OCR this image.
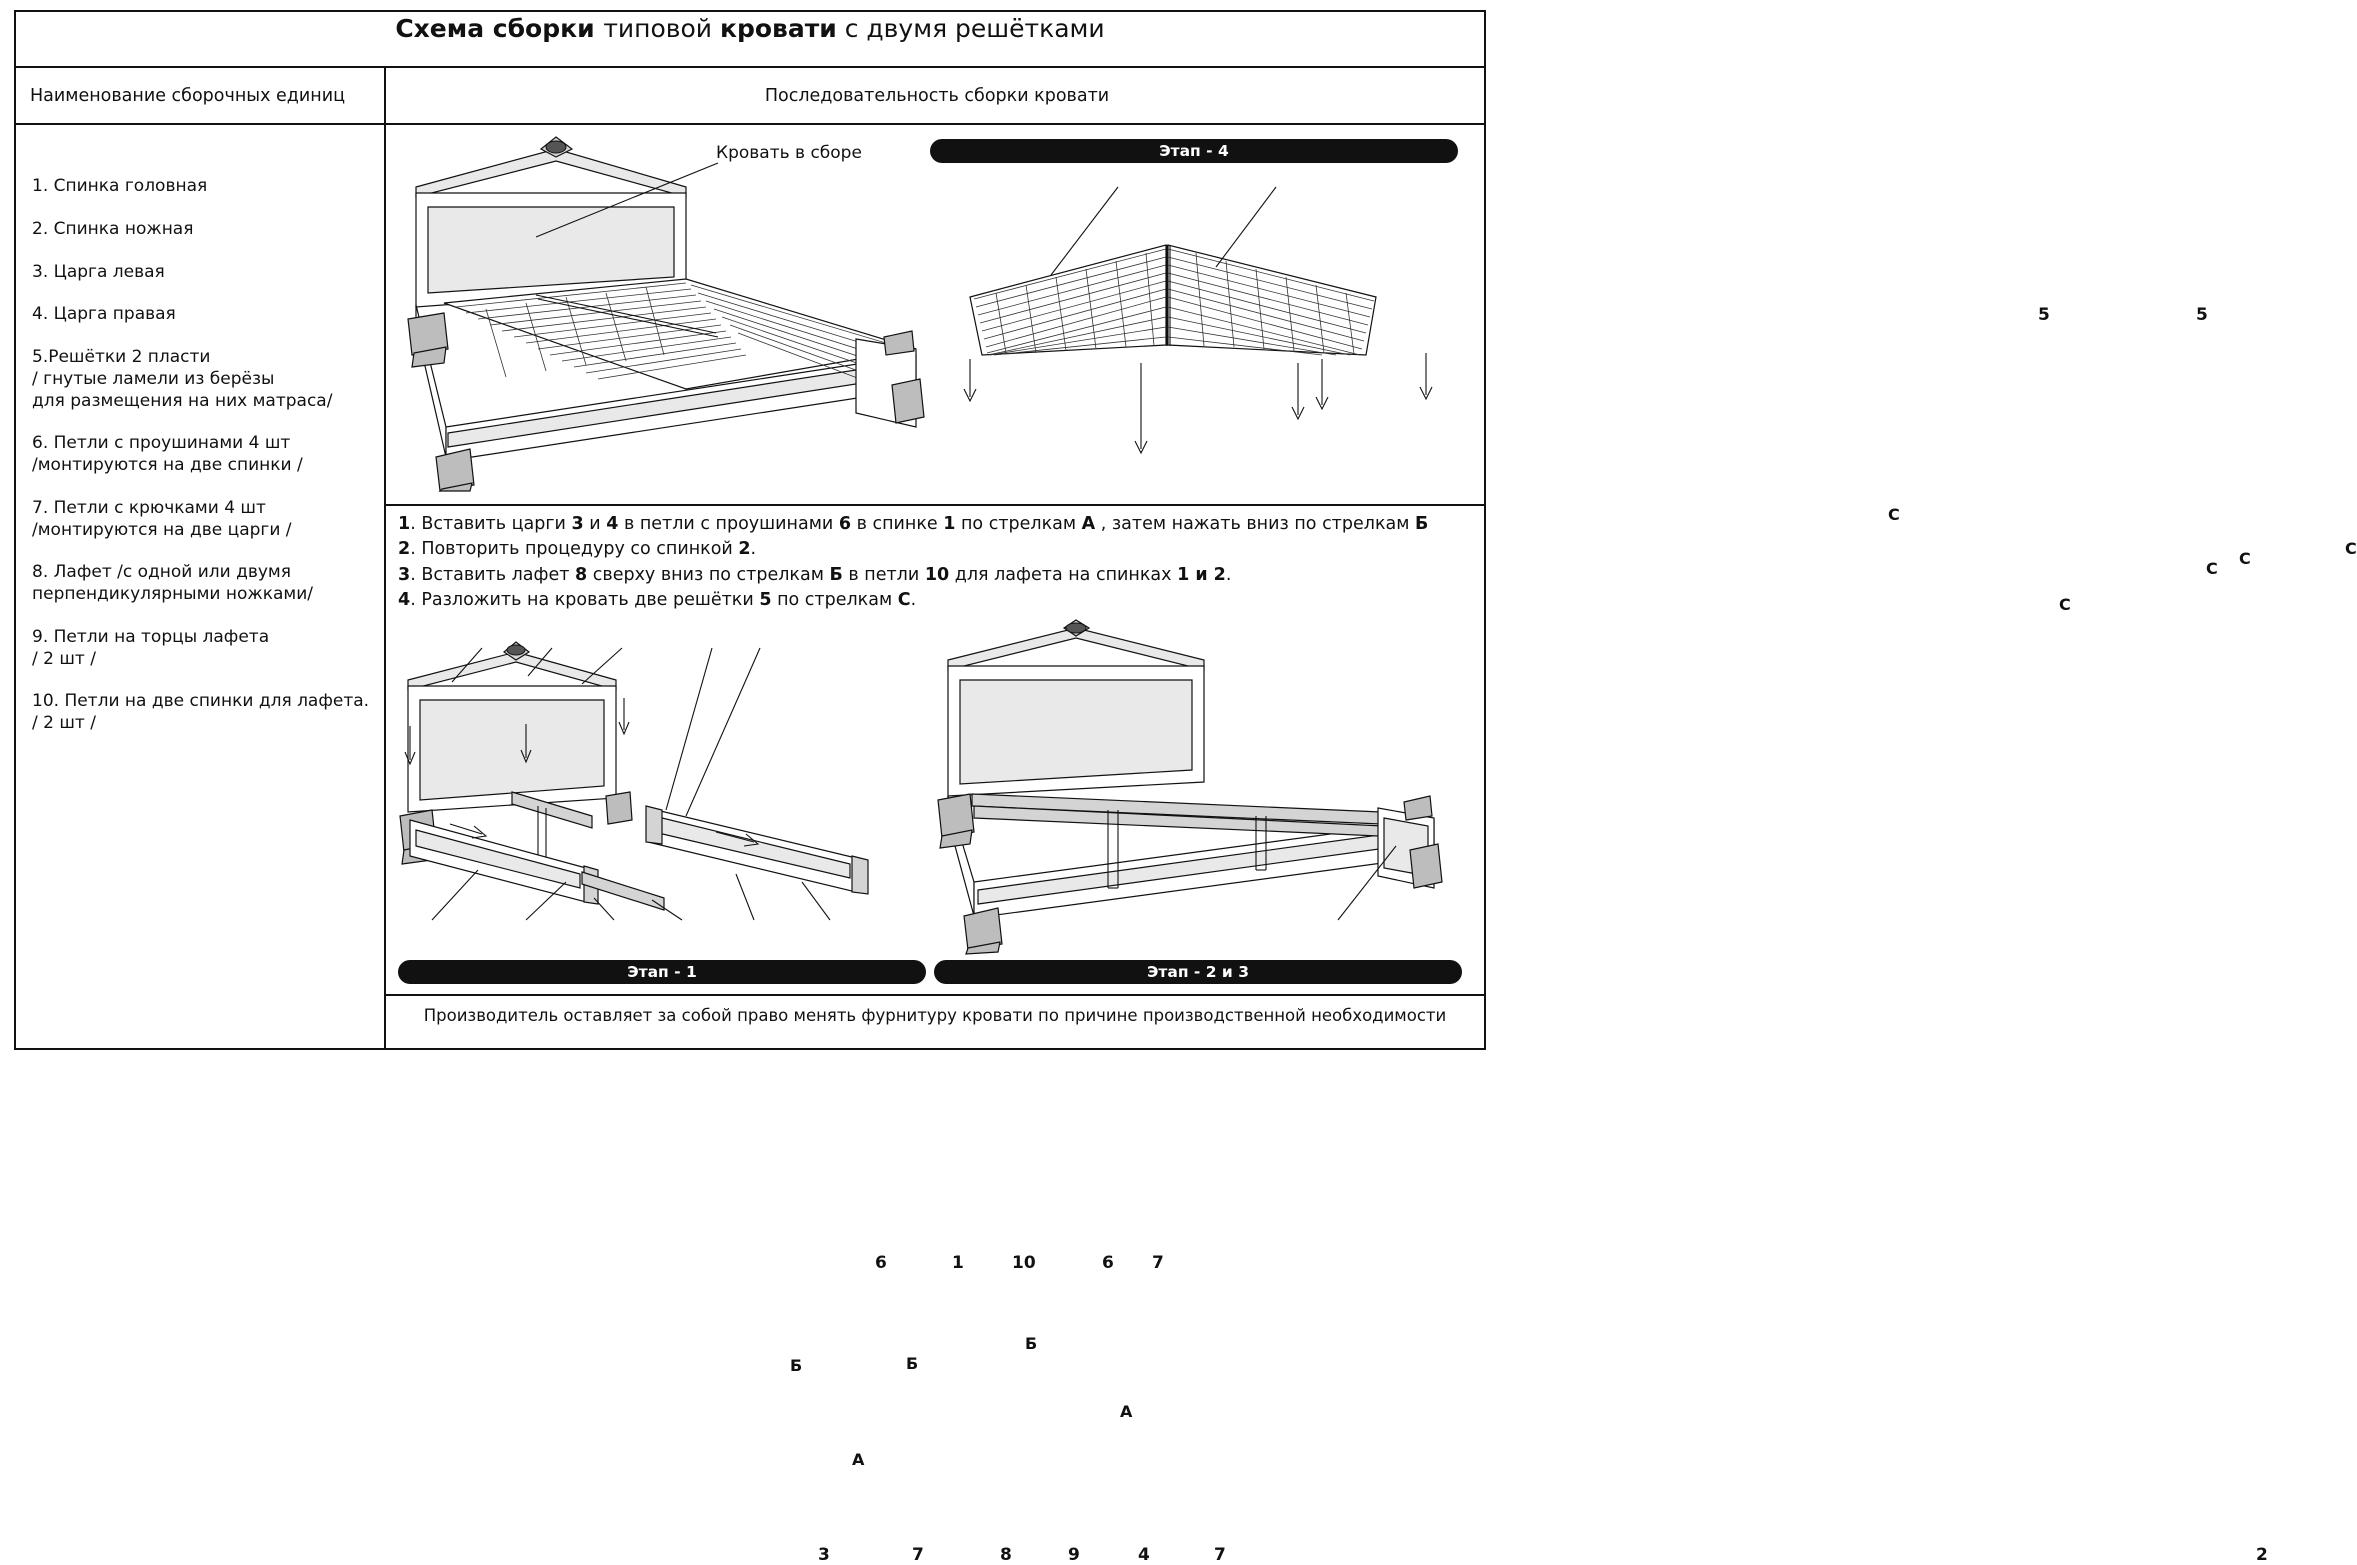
Схема сборки типовой кровати с двумя решётками
Наименование сборочных единиц	Последовательность сборки кровати
1. Спинка головная
2. Спинка ножная
3. Царга левая
4. Царга правая
5.Решётки 2 пласти
/ гнутые ламели из берёзы
для размещения на них матраса/
6. Петли с проушинами 4 шт
/монтируются на две спинки /
7. Петли с крючками 4 шт
/монтируются на две царги /
8. Лафет /с одной или двумя
перпендикулярными ножками/
9. Петли на торцы лафета
/ 2 шт /
10. Петли на две спинки для лафета.
/ 2 шт /
Кровать в сборе
5	5
С
С
С
С
С
Этап - 4
1. Вставить царги 3 и 4 в петли с проушинами 6 в спинке 1 по стрелкам А , затем нажать вниз по стрелкам Б
2. Повторить процедуру со спинкой 2.
3. Вставить лафет 8 сверху вниз по стрелкам Б в петли 10 для лафета на спинках 1 и 2.
4. Разложить на кровать две решётки 5 по стрелкам С.
6	1	10	6 7
3	7	8	9	4	7
Б	Б
Б
А
А
2
Этап - 1	Этап - 2 и 3
Производитель оставляет за собой право менять фурнитуру кровати по причине производственной необходимости
